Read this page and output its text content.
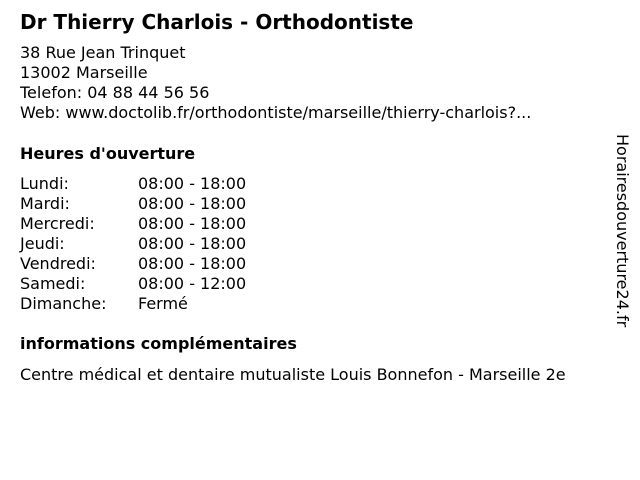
Dr Thierry Charlois - Orthodontiste
38 Rue Jean Trinquet
13002 Marseille
Telefon: 04 88 44 56 56
Web: www.doctolib.fr/orthodontiste/marseille/thierry-charlois?...
Heures d'ouverture
Lundi:	08:00 - 18:00
Mardi:	08:00 - 18:00
Mercredi:	08:00 - 18:00
Jeudi:	08:00 - 18:00
Vendredi:	08:00 - 18:00
Samedi:	08:00 - 12:00
Dimanche: Fermé
informations complémentaires
Centre médical et dentaire mutualiste Louis Bonnefon - Marseille 2e
Horairesdouverture24.fr
